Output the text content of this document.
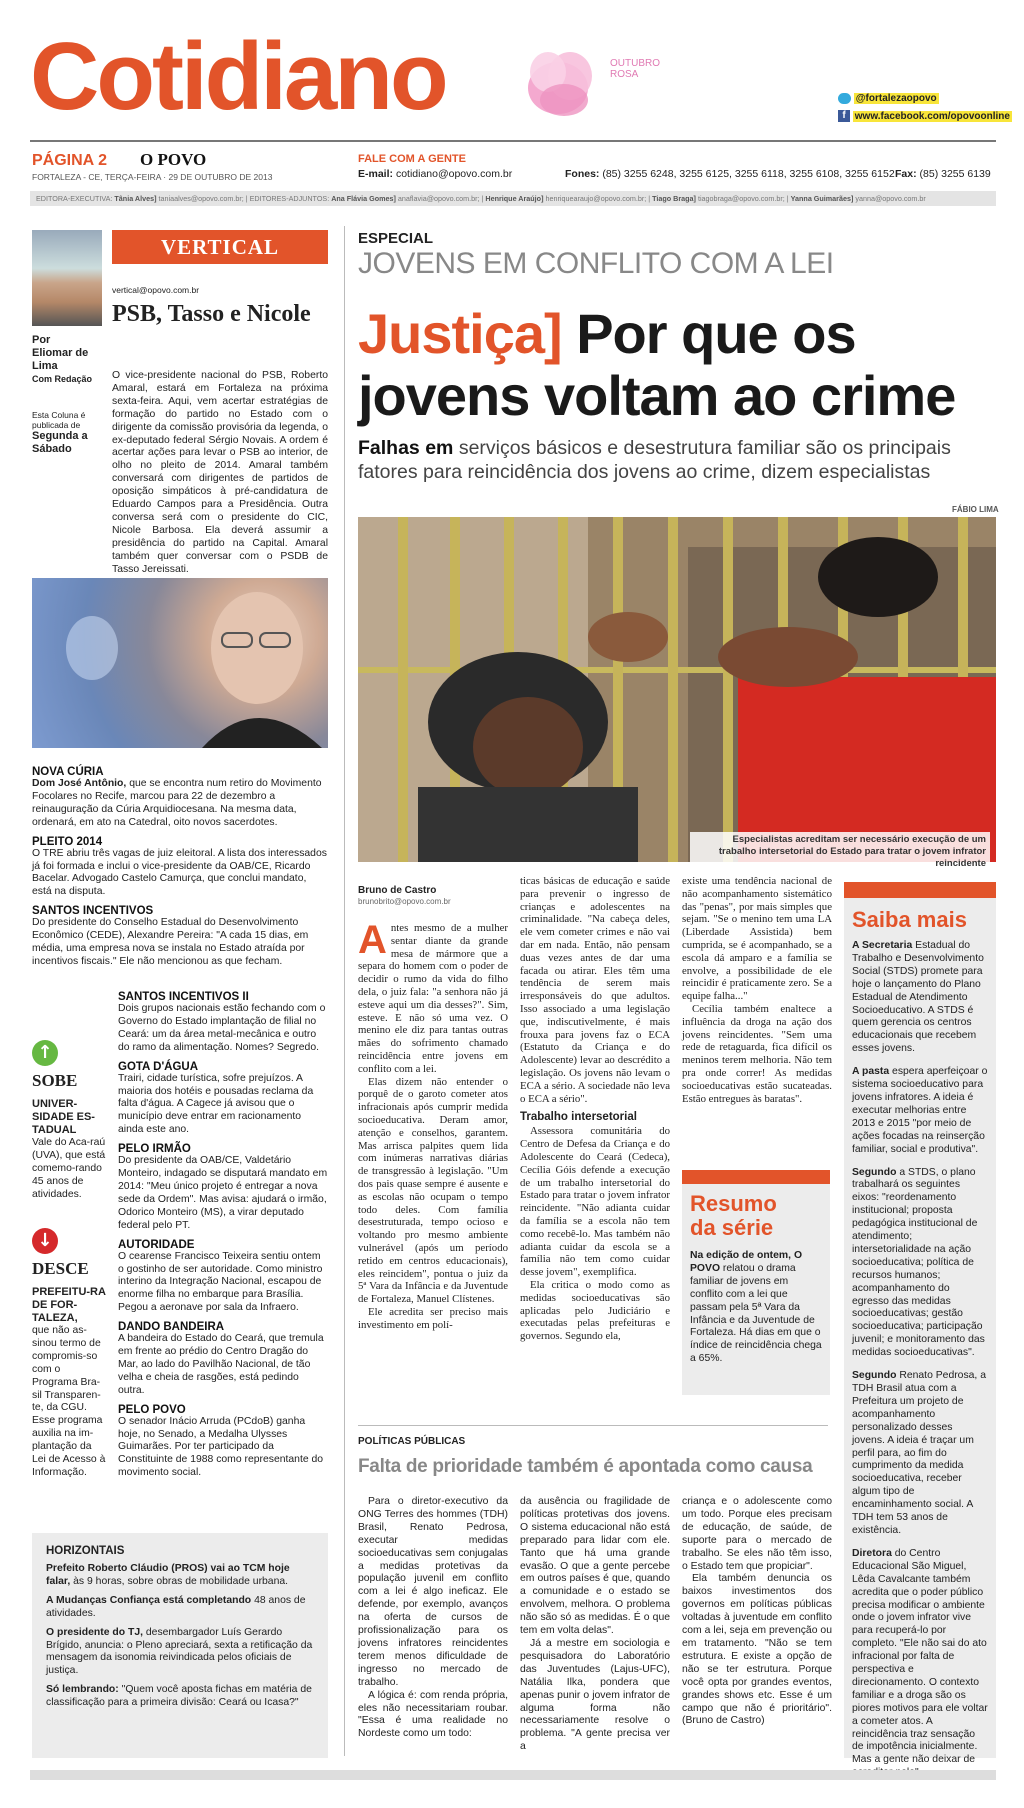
Cotidiano	OUTUBRO
ROSA
@fortalezaopovo
f www.facebook.com/opovoonline
PÁGINA 2 O POVO
FORTALEZA - CE, TERÇA-FEIRA · 29 DE OUTUBRO DE 2013
FALE COM A GENTE
E-mail: cotidiano@opovo.com.br	Fones: (85) 3255 6248, 3255 6125, 3255 6118, 3255 6108, 3255 6152 Fax: (85) 3255 6139
EDITORA-EXECUTIVA: Tânia Alves] taniaalves@opovo.com.br; | EDITORES-ADJUNTOS: Ana Flávia Gomes] anaflavia@opovo.com.br; | Henrique Araújo] henriquearaujo@opovo.com.br; | Tiago Braga] tiagobraga@opovo.com.br; | Yanna Guimarães] yanna@opovo.com.br
Por
Eliomar de Lima
Com Redação
Esta Coluna é publicada de
Segunda a Sábado
VERTICAL
vertical@opovo.com.br
PSB, Tasso e Nicole

O vice-presidente nacional do PSB, Roberto Amaral, estará em Fortaleza na próxima sexta-feira. Aqui, vem acertar estratégias de formação do partido no Estado com o dirigente da comissão provisória da legenda, o ex-deputado federal Sérgio Novais. A ordem é acertar ações para levar o PSB ao interior, de olho no pleito de 2014. Amaral também conversará com dirigentes de partidos de oposição simpáticos à pré-candidatura de Eduardo Campos para a Presidência. Outra conversa será com o presidente do CIC, Nicole Barbosa. Ela deverá assumir a presidência do partido na Capital. Amaral também quer conversar com o PSDB de Tasso Jereissati.

NOVA CÚRIA

Dom José Antônio, que se encontra num retiro do Movimento Focolares no Recife, marcou para 22 de dezembro a reinauguração da Cúria Arquidiocesana. Na mesma data, ordenará, em ato na Catedral, oito novos sacerdotes.

PLEITO 2014

O TRE abriu três vagas de juiz eleitoral. A lista dos interessados já foi formada e inclui o vice-presidente da OAB/CE, Ricardo Bacelar. Advogado Castelo Camurça, que conclui mandato, está na disputa.

SANTOS INCENTIVOS

Do presidente do Conselho Estadual do Desenvolvimento Econômico (CEDE), Alexandre Pereira: "A cada 15 dias, em média, uma empresa nova se instala no Estado atraída por incentivos fiscais." Ele não mencionou as que fecham.

↑
SOBE
UNIVER-SIDADE ES-TADUAL

Vale do Aca-raú (UVA), que está comemo-rando 45 anos de atividades.

↓
DESCE
PREFEITU-RA DE FOR-TALEZA,

que não as-sinou termo de compromis-so com o Programa Bra-sil Transparen-te, da CGU. Esse programa auxilia na im-plantação da Lei de Acesso à Informação.

SANTOS INCENTIVOS II

Dois grupos nacionais estão fechando com o Governo do Estado implantação de filial no Ceará: um da área metal-mecânica e outro do ramo da alimentação. Nomes? Segredo.

GOTA D'ÁGUA

Trairi, cidade turística, sofre prejuízos. A maioria dos hotéis e pousadas reclama da falta d'água. A Cagece já avisou que o município deve entrar em racionamento ainda este ano.

PELO IRMÃO

Do presidente da OAB/CE, Valdetário Monteiro, indagado se disputará mandato em 2014: "Meu único projeto é entregar a nova sede da Ordem". Mas avisa: ajudará o irmão, Odorico Monteiro (MS), a virar deputado federal pelo PT.

AUTORIDADE

O cearense Francisco Teixeira sentiu ontem o gostinho de ser autoridade. Como ministro interino da Integração Nacional, escapou de enorme filha no embarque para Brasília. Pegou a aeronave por sala da Infraero.

DANDO BANDEIRA

A bandeira do Estado do Ceará, que tremula em frente ao prédio do Centro Dragão do Mar, ao lado do Pavilhão Nacional, de tão velha e cheia de rasgões, está pedindo outra.

PELO POVO

O senador Inácio Arruda (PCdoB) ganha hoje, no Senado, a Medalha Ulysses Guimarães. Por ter participado da Constituinte de 1988 como representante do movimento social.

HORIZONTAIS

Prefeito Roberto Cláudio (PROS) vai ao TCM hoje falar, às 9 horas, sobre obras de mobilidade urbana.

A Mudanças Confiança está completando 48 anos de atividades.

O presidente do TJ, desembargador Luís Gerardo Brígido, anuncia: o Pleno apreciará, sexta a retificação da mensagem da isonomia reivindicada pelos oficiais de justiça.

Só lembrando: "Quem você aposta fichas em matéria de classificação para a primeira divisão: Ceará ou Icasa?"

ESPECIAL
JOVENS EM CONFLITO COM A LEI
Justiça] Por que os
jovens voltam ao crime
Falhas em serviços básicos e desestrutura familiar são os principais fatores para reincidência dos jovens ao crime, dizem especialistas
FÁBIO LIMA
Especialistas acreditam ser necessário execução de um trabalho intersetorial do Estado para tratar o jovem infrator reincidente
Bruno de Castro
brunobrito@opovo.com.br
A ntes mesmo de a mulher sentar diante da grande mesa de mármore que a separa do homem com o poder de decidir o rumo da vida do filho dela, o juiz fala: "a senhora não já esteve aqui um dia desses?". Sim, esteve. E não só uma vez. O menino ele diz para tantas outras mães do sofrimento chamado reincidência entre jovens em conflito com a lei.

Elas dizem não entender o porquê de o garoto cometer atos infracionais após cumprir medida socioeducativa. Deram amor, atenção e conselhos, garantem. Mas arrisca palpites quem lida com inúmeras narrativas diárias de transgressão à legislação. "Um dos pais quase sempre é ausente e as escolas não ocupam o tempo todo deles. Com família desestruturada, tempo ocioso e voltando pro mesmo ambiente vulnerável (após um período retido em centros educacionais), eles reincidem", pontua o juiz da 5ª Vara da Infância e da Juventude de Fortaleza, Manuel Clístenes.

Ele acredita ser preciso mais investimento em polí-

ticas básicas de educação e saúde para prevenir o ingresso de crianças e adolescentes na criminalidade. "Na cabeça deles, ele vem cometer crimes e não vai dar em nada. Então, não pensam duas vezes antes de dar uma facada ou atirar. Eles têm uma tendência de serem mais irresponsáveis do que adultos. Isso associado a uma legislação que, indiscutivelmente, é mais frouxa para jovens faz o ECA (Estatuto da Criança e do Adolescente) levar ao descrédito a legislação. Os jovens não levam o ECA a sério. A sociedade não leva o ECA a sério".

Trabalho intersetorial

Assessora comunitária do Centro de Defesa da Criança e do Adolescente do Ceará (Cedeca), Cecília Góis defende a execução de um trabalho intersetorial do Estado para tratar o jovem infrator reincidente. "Não adianta cuidar da família se a escola não tem como recebê-lo. Mas também não adianta cuidar da escola se a família não tem como cuidar desse jovem", exemplifica.

Ela critica o modo como as medidas socioeducativas são aplicadas pelo Judiciário e executadas pelas prefeituras e governos. Segundo ela,

existe uma tendência nacional de não acompanhamento sistemático das "penas", por mais simples que sejam. "Se o menino tem uma LA (Liberdade Assistida) bem cumprida, se é acompanhado, se a escola dá amparo e a família se envolve, a possibilidade de ele reincidir é praticamente zero. Se a equipe falha..."

Cecília também enaltece a influência da droga na ação dos jovens reincidentes. "Sem uma rede de retaguarda, fica difícil os meninos terem melhoria. Não tem pra onde correr! As medidas socioeducativas estão sucateadas. Estão entregues às baratas".

Resumo
da série

Na edição de ontem, O POVO relatou o drama familiar de jovens em conflito com a lei que passam pela 5ª Vara da Infância e da Juventude de Fortaleza. Há dias em que o índice de reincidência chega a 65%.

Saiba mais

A Secretaria Estadual do Trabalho e Desenvolvimento Social (STDS) promete para hoje o lançamento do Plano Estadual de Atendimento Socioeducativo. A STDS é quem gerencia os centros educacionais que recebem esses jovens.

A pasta espera aperfeiçoar o sistema socioeducativo para jovens infratores. A ideia é executar melhorias entre 2013 e 2015 "por meio de ações focadas na reinserção familiar, social e produtiva".

Segundo a STDS, o plano trabalhará os seguintes eixos: "reordenamento institucional; proposta pedagógica institucional de atendimento; intersetorialidade na ação socioeducativa; política de recursos humanos; acompanhamento do egresso das medidas socioeducativas; gestão socioeducativa; participação juvenil; e monitoramento das medidas socioeducativas".

Segundo Renato Pedrosa, a TDH Brasil atua com a Prefeitura um projeto de acompanhamento personalizado desses jovens. A ideia é traçar um perfil para, ao fim do cumprimento da medida socioeducativa, receber algum tipo de encaminhamento social. A TDH tem 53 anos de existência.

Diretora do Centro Educacional São Miguel, Lêda Cavalcante também acredita que o poder público precisa modificar o ambiente onde o jovem infrator vive para recuperá-lo por completo. "Ele não sai do ato infracional por falta de perspectiva e direcionamento. O contexto familiar e a droga são os piores motivos para ele voltar a cometer atos. A reincidência traz sensação de impotência inicialmente. Mas a gente não deixar de

POLÍTICAS PÚBLICAS
Falta de prioridade também é apontada como causa

Para o diretor-executivo da ONG Terres des hommes (TDH) Brasil, Renato Pedrosa, executar medidas socioeducativas sem conjugalas a medidas protetivas da população juvenil em conflito com a lei é algo ineficaz. Ele defende, por exemplo, avanços na oferta de cursos de profissionalização para os jovens infratores reincidentes terem menos dificuldade de ingresso no mercado de trabalho.

A lógica é: com renda própria, eles não necessitariam roubar. "Essa é uma realidade no Nordeste como um todo:

da ausência ou fragilidade de políticas protetivas dos jovens. O sistema educacional não está preparado para lidar com ele. Tanto que há uma grande evasão. O que a gente percebe em outros países é que, quando a comunidade e o estado se envolvem, melhora. O problema não são só as medidas. É o que tem em volta delas".

Já a mestre em sociologia e pesquisadora do Laboratório das Juventudes (Lajus-UFC), Natália Ilka, pondera que apenas punir o jovem infrator de alguma forma não necessariamente resolve o problema. "A gente precisa ver a

criança e o adolescente como um todo. Porque eles precisam de educação, de saúde, de suporte para o mercado de trabalho. Se eles não têm isso, o Estado tem que propiciar".

Ela também denuncia os baixos investimentos dos governos em políticas públicas voltadas à juventude em conflito com a lei, seja em prevenção ou em tratamento. "Não se tem estrutura. E existe a opção de não se ter estrutura. Porque você opta por grandes eventos, grandes shows etc. Esse é um campo que não é prioritário". (Bruno de Castro)
